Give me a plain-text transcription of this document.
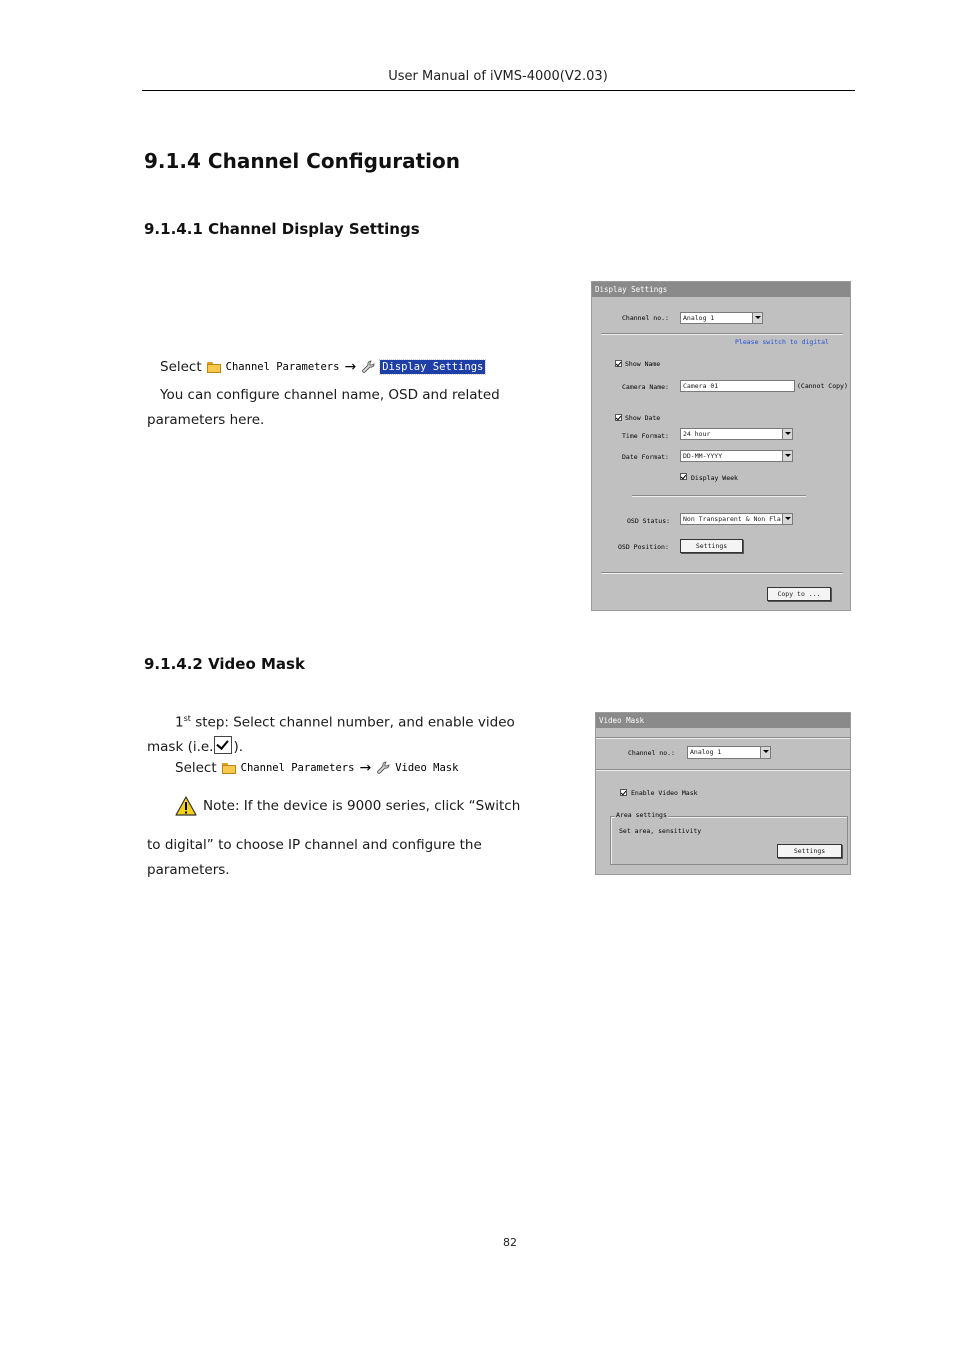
User Manual of iVMS-4000(V2.03)
9.1.4 Channel Configuration
9.1.4.1 Channel Display Settings
Select Channel Parameters → Display Settings
You can configure channel name, OSD and related
parameters here.
Display Settings
Channel no.:	Analog 1
Please switch to digital
Show Name
Camera Name:	Camera 01	(Cannot Copy)
Show Date
Time Format:	24 hour
Date Format:	DD-MM-YYYY
Display Week
OSD Status:	Non Transparent & Non Fla
OSD Position:	Settings
Copy to ...
9.1.4.2 Video Mask
1st step: Select channel number, and enable video
mask (i.e. ).
Select Channel Parameters → Video Mask
Note: If the device is 9000 series, click “Switch
to digital” to choose IP channel and configure the
parameters.
Video Mask
Channel no.:	Analog 1
Enable Video Mask
Area settings
Set area, sensitivity
Settings
82
